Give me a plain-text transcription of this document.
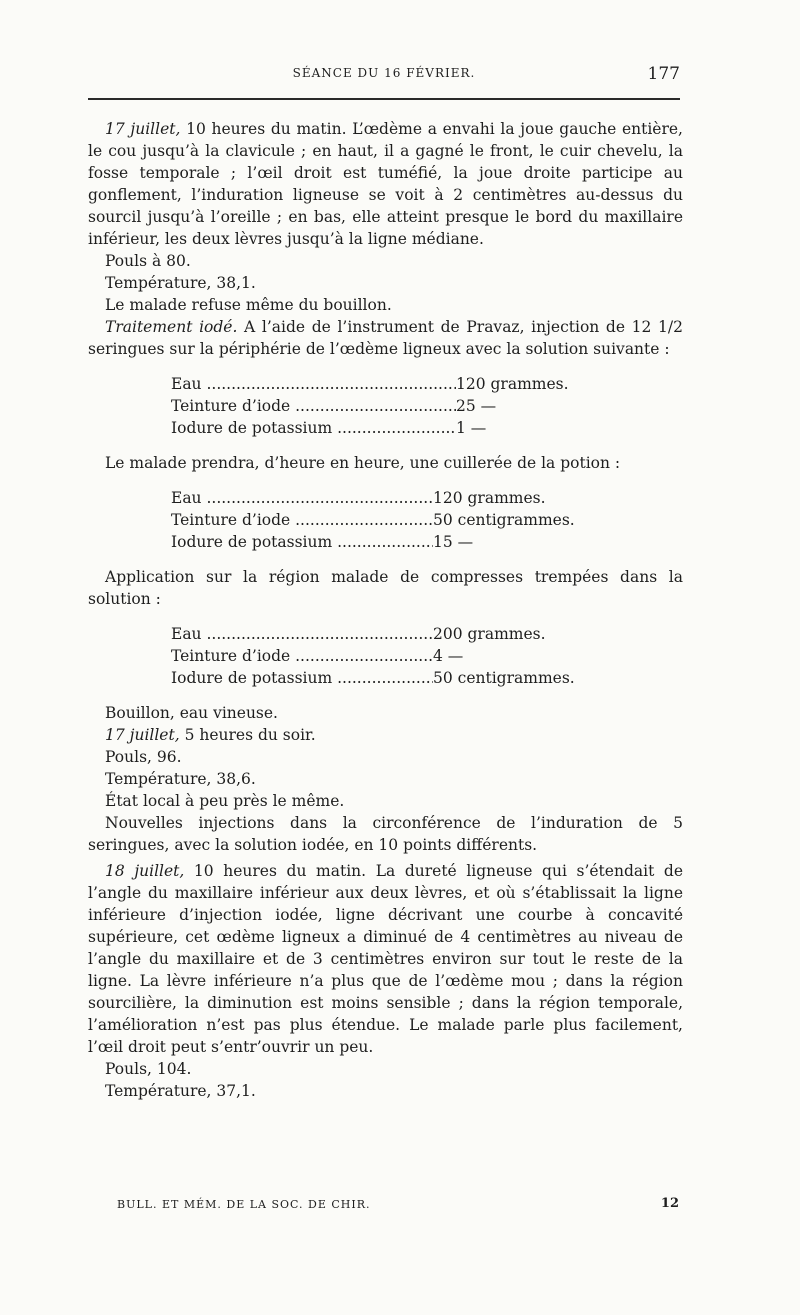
SÉANCE DU 16 FÉVRIER.	177

17 juillet, 10 heures du matin. L’œdème a envahi la joue gauche entière, le cou jusqu’à la clavicule ; en haut, il a gagné le front, le cuir chevelu, la fosse temporale ; l’œil droit est tuméfié, la joue droite participe au gonflement, l’induration ligneuse se voit à 2 centimètres au-dessus du sourcil jusqu’à l’oreille ; en bas, elle atteint presque le bord du maxillaire inférieur, les deux lèvres jusqu’à la ligne médiane.

Pouls à 80.

Température, 38,1.

Le malade refuse même du bouillon.

Traitement iodé. A l’aide de l’instrument de Pravaz, injection de 12 1/2 seringues sur la périphérie de l’œdème ligneux avec la solution suivante :

Eau .....	120 grammes.
Teinture d’iode .....	25 —
Iodure de potassium .....	1 —

Le malade prendra, d’heure en heure, une cuillerée de la potion :

Eau .....	120 grammes.
Teinture d’iode .....	50 centigrammes.
Iodure de potassium .....	15 —

Application sur la région malade de compresses trempées dans la solution :

Eau .....	200 grammes.
Teinture d’iode .....	4 —
Iodure de potassium .....	50 centigrammes.

Bouillon, eau vineuse.

17 juillet, 5 heures du soir.

Pouls, 96.

Température, 38,6.

État local à peu près le même.

Nouvelles injections dans la circonférence de l’induration de 5 seringues, avec la solution iodée, en 10 points différents.

18 juillet, 10 heures du matin. La dureté ligneuse qui s’étendait de l’angle du maxillaire inférieur aux deux lèvres, et où s’établissait la ligne inférieure d’injection iodée, ligne décrivant une courbe à concavité supérieure, cet œdème ligneux a diminué de 4 centimètres au niveau de l’angle du maxillaire et de 3 centimètres environ sur tout le reste de la ligne. La lèvre inférieure n’a plus que de l’œdème mou ; dans la région sourcilière, la diminution est moins sensible ; dans la région temporale, l’amélioration n’est pas plus étendue. Le malade parle plus facilement, l’œil droit peut s’entr’ouvrir un peu.

Pouls, 104.

Température, 37,1.

BULL. ET MÉM. DE LA SOC. DE CHIR.	12
